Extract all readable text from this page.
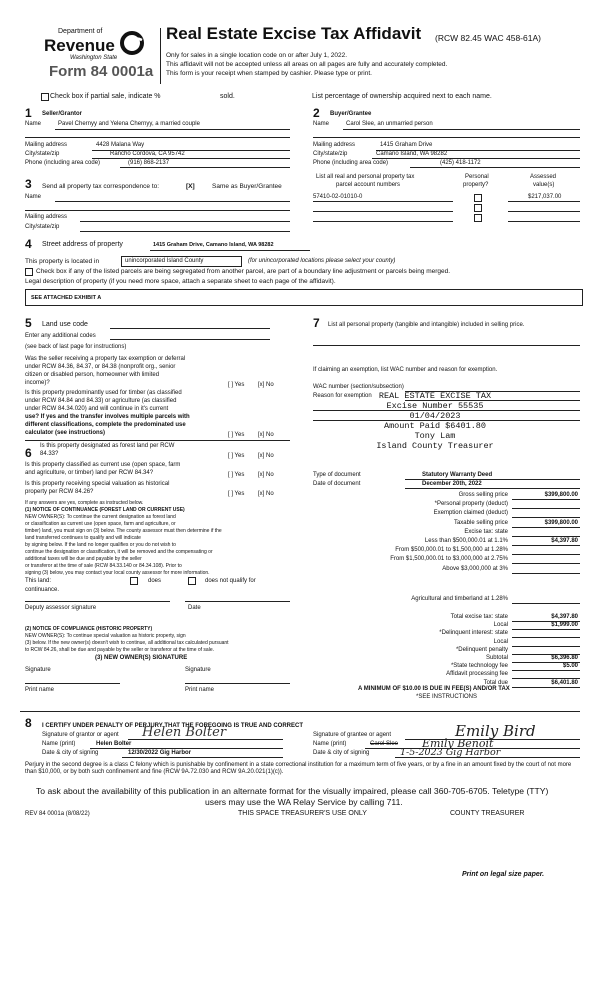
Department of
Revenue
Washington State
Form 84 0001a
Real Estate Excise Tax Affidavit (RCW 82.45 WAC 458-61A)
Only for sales in a single location code on or after July 1, 2022.
This affidavit will not be accepted unless all areas on all pages are fully and accurately completed.
This form is your receipt when stamped by cashier. Please type or print.
Check box if partial sale, indicate %	sold.	List percentage of ownership acquired next to each name.
1 Seller/Grantor
Name	Pavel Chernyy and Yelena Chernyy, a married couple
Mailing address	4428 Malana Way
City/state/zip	Rancho Cordova, CA 95742
Phone (including area code)	(916) 868-2137
2 Buyer/Grantee
Name	Carol Slee, an unmarried person
Mailing address	1415 Graham Drive
City/state/zip	Camano Island, WA 98282
Phone (including area code)	(425) 418-1172
3 Send all property tax correspondence to:	[X]	Same as Buyer/Grantee
Name
Mailing address
City/state/zip
List all real and personal property tax
parcel account numbers
Personal
property?
Assessed
value(s)
57410-02-01010-0	$217,037.00
4 Street address of property	1415 Graham Drive, Camano Island, WA 98282
This property is located in	unincorporated Island County	(for unincorporated locations please select your county)
Check box if any of the listed parcels are being segregated from another parcel, are part of a boundary line adjustment or parcels being merged.
Legal description of property (if you need more space, attach a separate sheet to each page of the affidavit).
SEE ATTACHED EXHIBIT A
5 Land use code
Enter any additional codes
(see back of last page for instructions)
Was the seller receiving a property tax exemption or deferral
under RCW 84.36, 84.37, or 84.38 (nonprofit org., senior
citizen or disabled person, homeowner with limited
income)?	[ ] Yes [x] No
Is this property predominantly used for timber (as classified
under RCW 84.84 and 84.33) or agriculture (as classified
under RCW 84.34.020) and will continue in it's current
use? If yes and the transfer involves multiple parcels with
different classifications, complete the predominated use
calculator (see instructions)	[ ] Yes [x] No
6 Is this property designated as forest land per RCW
84.33?	[ ] Yes [x] No
Is this property classified as current use (open space, farm
and agriculture, or timber) land per RCW 84.34?	[ ] Yes [x] No
Is this property receiving special valuation as historical
property per RCW 84.26?	[ ] Yes [x] No
If any answers are yes, complete as instructed below.
(1) NOTICE OF CONTINUANCE (FOREST LAND OR CURRENT USE)
NEW OWNER(S): To continue the current designation as forest land
or classification as current use (open space, farm and agriculture, or
timber) land, you must sign on (3) below. The county assessor must then determine if the
land transferred continues to qualify and will indicate
by signing below. If the land no longer qualifies or you do not wish to
continue the designation or classification, it will be removed and the compensating or
additional taxes will be due and payable by the seller
or transferor at the time of sale (RCW 84.33.140 or 84.34.108). Prior to
signing (3) below, you may contact your local county assessor for more information.
This land:	does	does not qualify for
continuance.
Deputy assessor signature	Date
(2) NOTICE OF COMPLIANCE (HISTORIC PROPERTY)
NEW OWNER(S): To continue special valuation as historic property, sign
(3) below. If the new owner(s) doesn't wish to continue, all additional tax calculated pursuant
to RCW 84.26, shall be due and payable by the seller or transferor at the time of sale.
(3) NEW OWNER(S) SIGNATURE
Signature	Signature
Print name	Print name
7 List all personal property (tangible and intangible) included in selling price.
If claiming an exemption, list WAC number and reason for exemption.
WAC number (section/subsection)
Reason for exemption REAL ESTATE EXCISE TAX
Excise Number 55535
01/04/2023
Amount Paid $6401.80
Tony Lam
Island County Treasurer
Type of document	Statutory Warranty Deed
Date of document	December 20th, 2022
Gross selling price	$399,800.00
*Personal property (deduct)
Exemption claimed (deduct)
Taxable selling price	$399,800.00
Excise tax: state
Less than $500,000.01 at 1.1%	$4,397.80
From $500,000.01 to $1,500,000 at 1.28%
From $1,500,000.01 to $3,000,000 at 2.75%
Above $3,000,000 at 3%
Agricultural and timberland at 1.28%
Total excise tax: state	$4,397.80
Local	$1,999.00
*Delinquent interest: state
Local
*Delinquent penalty
Subtotal	$6,396.80
*State technology fee	$5.00
Affidavit processing fee
Total due	$6,401.80
A MINIMUM OF $10.00 IS DUE IN FEE(S) AND/OR TAX
*SEE INSTRUCTIONS
8 I CERTIFY UNDER PENALTY OF PERJURY THAT THE FOREGOING IS TRUE AND CORRECT
Signature of grantor or agent Helen Bolter
Name (print)	Helen Bolter
Date & city of signing	12/30/2022 Gig Harbor
Signature of grantee or agent	Emily Bird
Name (print)	Carol Slee Emily Benoit
Date & city of signing	1-5-2023 Gig Harbor
Perjury in the second degree is a class C felony which is punishable by confinement in a state correctional institution for a maximum term of five years, or by a fine in an amount fixed by the court of not more than $10,000, or by both such confinement and fine (RCW 9A.72.030 and RCW 9A.20.021(1)(c)).
To ask about the availability of this publication in an alternate format for the visually impaired, please call 360-705-6705. Teletype (TTY)
users may use the WA Relay Service by calling 711.
REV 84 0001a (8/08/22)	THIS SPACE TREASURER'S USE ONLY	COUNTY TREASURER
Print on legal size paper.
